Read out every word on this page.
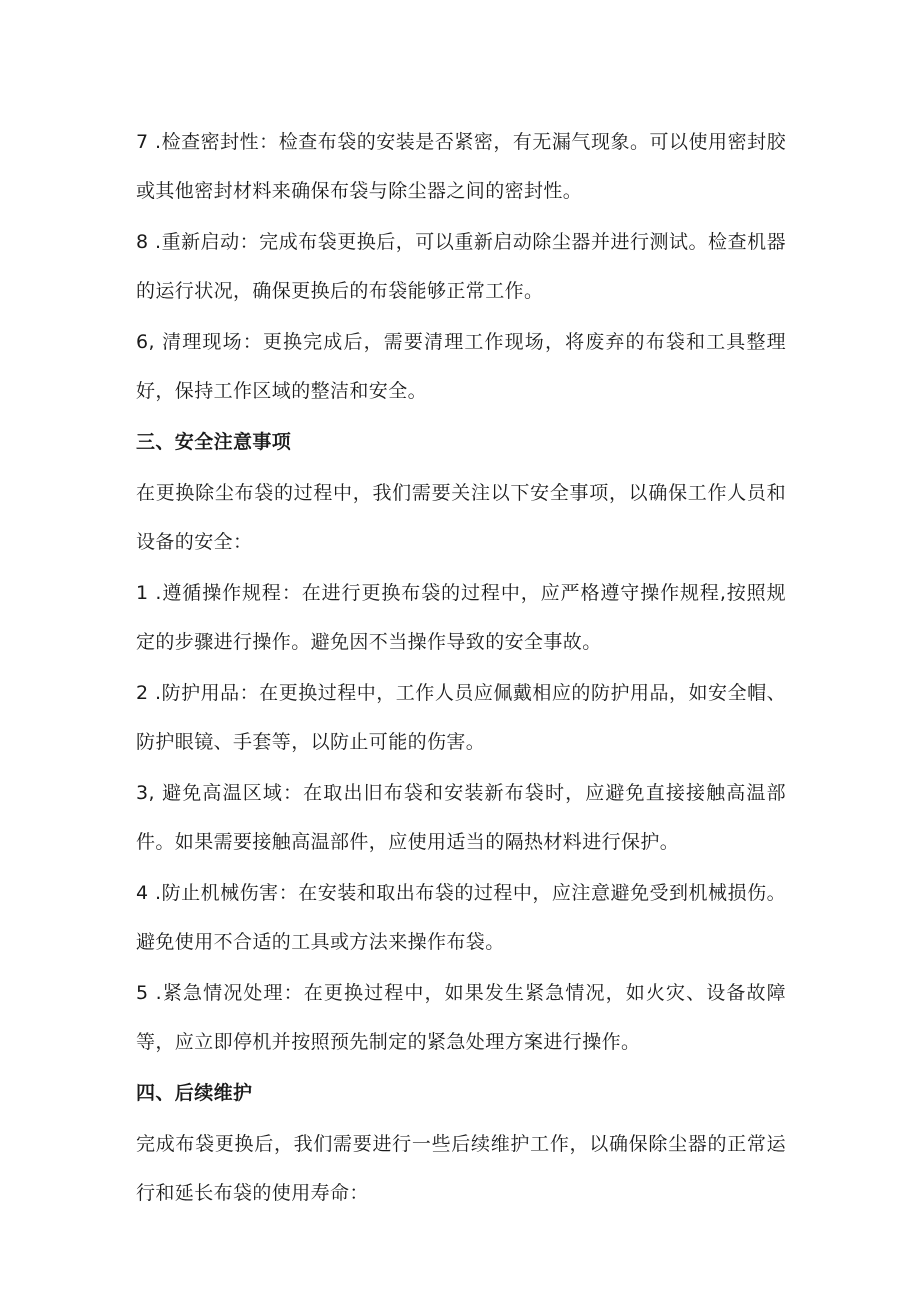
7 .检查密封性：检查布袋的安装是否紧密，有无漏气现象。可以使用密封胶或其他密封材料来确保布袋与除尘器之间的密封性。

8 .重新启动：完成布袋更换后，可以重新启动除尘器并进行测试。检查机器的运行状况，确保更换后的布袋能够正常工作。

6, 清理现场：更换完成后，需要清理工作现场，将废弃的布袋和工具整理好，保持工作区域的整洁和安全。

三、安全注意事项

在更换除尘布袋的过程中，我们需要关注以下安全事项，以确保工作人员和设备的安全：

1 .遵循操作规程：在进行更换布袋的过程中，应严格遵守操作规程,按照规定的步骤进行操作。避免因不当操作导致的安全事故。

2 .防护用品：在更换过程中，工作人员应佩戴相应的防护用品，如安全帽、防护眼镜、手套等，以防止可能的伤害。

3, 避免高温区域：在取出旧布袋和安装新布袋时，应避免直接接触高温部件。如果需要接触高温部件，应使用适当的隔热材料进行保护。

4 .防止机械伤害：在安装和取出布袋的过程中，应注意避免受到机械损伤。避免使用不合适的工具或方法来操作布袋。

5 .紧急情况处理：在更换过程中，如果发生紧急情况，如火灾、设备故障等，应立即停机并按照预先制定的紧急处理方案进行操作。

四、后续维护

完成布袋更换后，我们需要进行一些后续维护工作，以确保除尘器的正常运行和延长布袋的使用寿命：
